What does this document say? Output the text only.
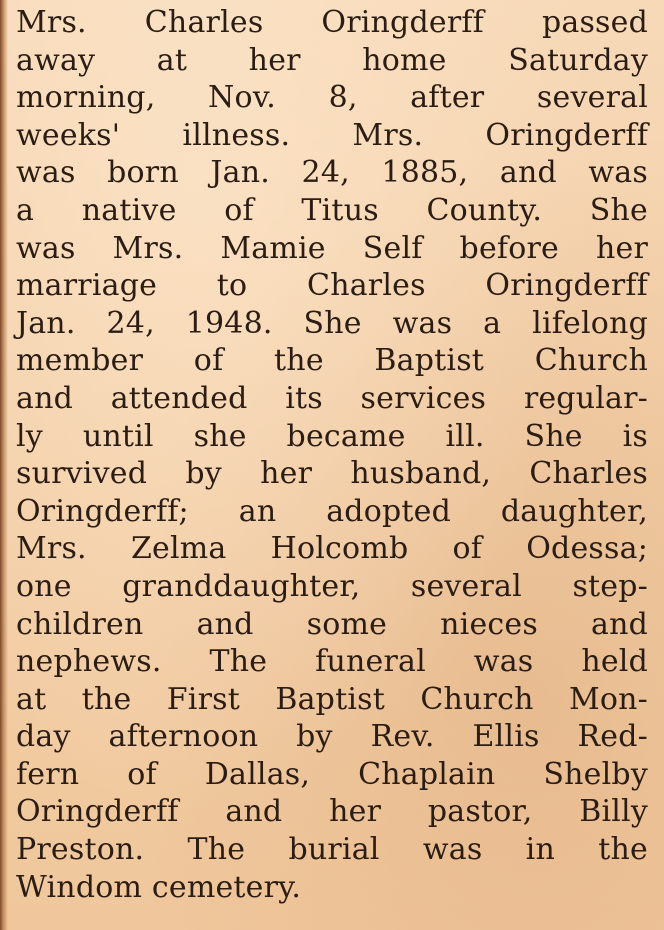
Mrs. Charles Oringderff passed
away at her home Saturday
morning, Nov. 8, after several
weeks' illness. Mrs. Oringderff
was born Jan. 24, 1885, and was
a native of Titus County. She
was Mrs. Mamie Self before her
marriage to Charles Oringderff
Jan. 24, 1948. She was a lifelong
member of the Baptist Church
and attended its services regular-
ly until she became ill. She is
survived by her husband, Charles
Oringderff; an adopted daughter,
Mrs. Zelma Holcomb of Odessa;
one granddaughter, several step-
children and some nieces and
nephews. The funeral was held
at the First Baptist Church Mon-
day afternoon by Rev. Ellis Red-
fern of Dallas, Chaplain Shelby
Oringderff and her pastor, Billy
Preston. The burial was in the
Windom cemetery.
